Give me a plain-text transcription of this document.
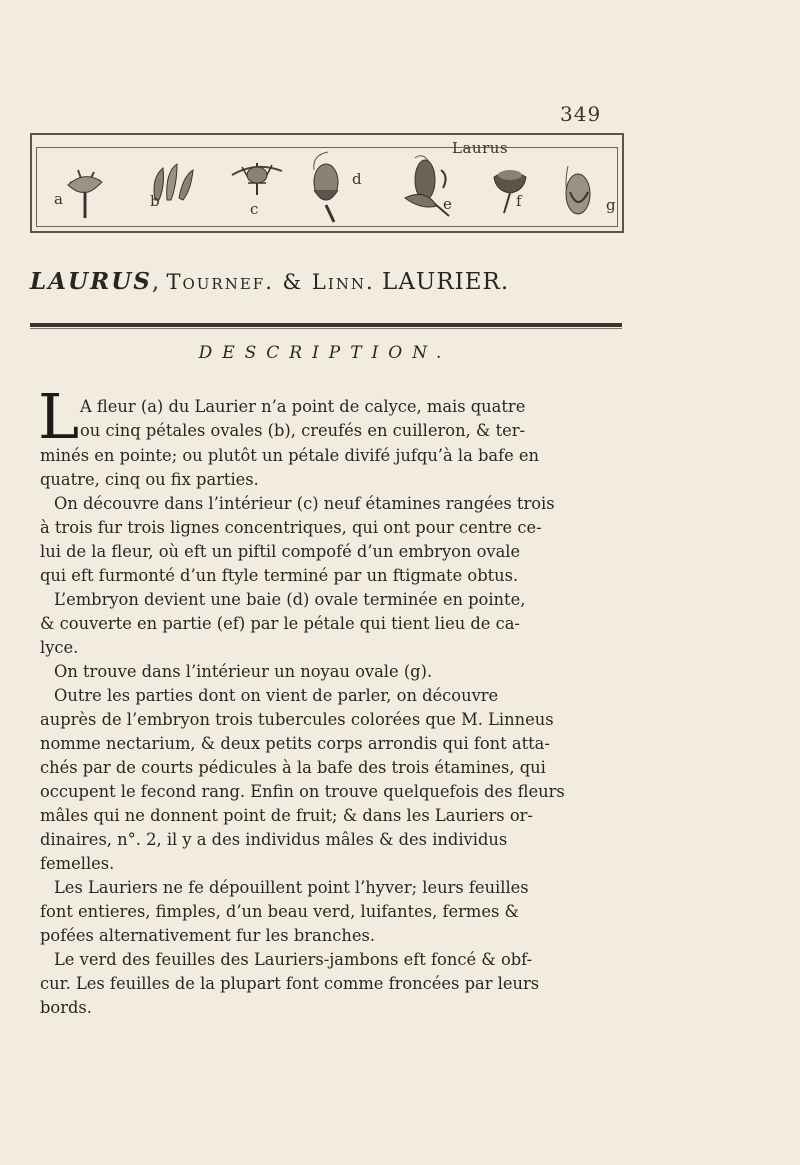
349
Laurus
a	b	c
d
e	f	g
LAURUS, Tournef. & Linn. LAURIER.
DESCRIPTION.
L A fleur (a) du Laurier n’a point de calyce, mais quatre
ou cinq pétales ovales (b), creufés en cuilleron, & ter-
minés en pointe; ou plutôt un pétale divifé jufqu’à la bafe en
quatre, cinq ou fix parties.
On découvre dans l’intérieur (c) neuf étamines rangées trois
à trois fur trois lignes concentriques, qui ont pour centre ce-
lui de la fleur, où eft un piftil compofé d’un embryon ovale
qui eft furmonté d’un ftyle terminé par un ftigmate obtus.
L’embryon devient une baie (d) ovale terminée en pointe,
& couverte en partie (ef) par le pétale qui tient lieu de ca-
lyce.
On trouve dans l’intérieur un noyau ovale (g).
Outre les parties dont on vient de parler, on découvre
auprès de l’embryon trois tubercules colorées que M. Linneus
nomme nectarium, & deux petits corps arrondis qui font atta-
chés par de courts pédicules à la bafe des trois étamines, qui
occupent le fecond rang. Enfin on trouve quelquefois des fleurs
mâles qui ne donnent point de fruit; & dans les Lauriers or-
dinaires, n°. 2, il y a des individus mâles & des individus
femelles.
Les Lauriers ne fe dépouillent point l’hyver; leurs feuilles
font entieres, fimples, d’un beau verd, luifantes, fermes &
pofées alternativement fur les branches.
Le verd des feuilles des Lauriers-jambons eft foncé & obf-
cur. Les feuilles de la plupart font comme froncées par leurs
bords.
